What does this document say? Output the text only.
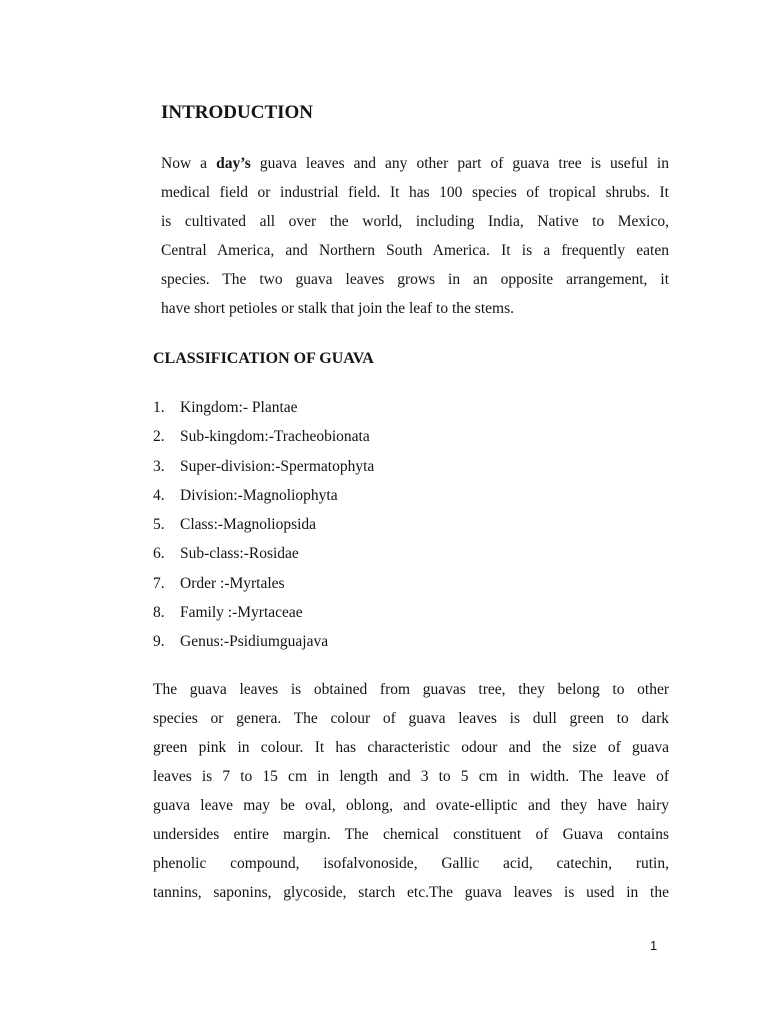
INTRODUCTION
Now a day’s guava leaves and any other part of guava tree is useful in
medical field or industrial field. It has 100 species of tropical shrubs. It
is cultivated all over the world, including India, Native to Mexico,
Central America, and Northern South America. It is a frequently eaten
species. The two guava leaves grows in an opposite arrangement, it
have short petioles or stalk that join the leaf to the stems.
CLASSIFICATION OF GUAVA
1. Kingdom:- Plantae
2. Sub-kingdom:-Tracheobionata
3. Super-division:-Spermatophyta
4. Division:-Magnoliophyta
5. Class:-Magnoliopsida
6. Sub-class:-Rosidae
7. Order :-Myrtales
8. Family :-Myrtaceae
9. Genus:-Psidiumguajava
The guava leaves is obtained from guavas tree, they belong to other
species or genera. The colour of guava leaves is dull green to dark
green pink in colour. It has characteristic odour and the size of guava
leaves is 7 to 15 cm in length and 3 to 5 cm in width. The leave of
guava leave may be oval, oblong, and ovate-elliptic and they have hairy
undersides entire margin. The chemical constituent of Guava contains
phenolic compound, isofalvonoside, Gallic acid, catechin, rutin,
tannins, saponins, glycoside, starch etc.The guava leaves is used in the
1
